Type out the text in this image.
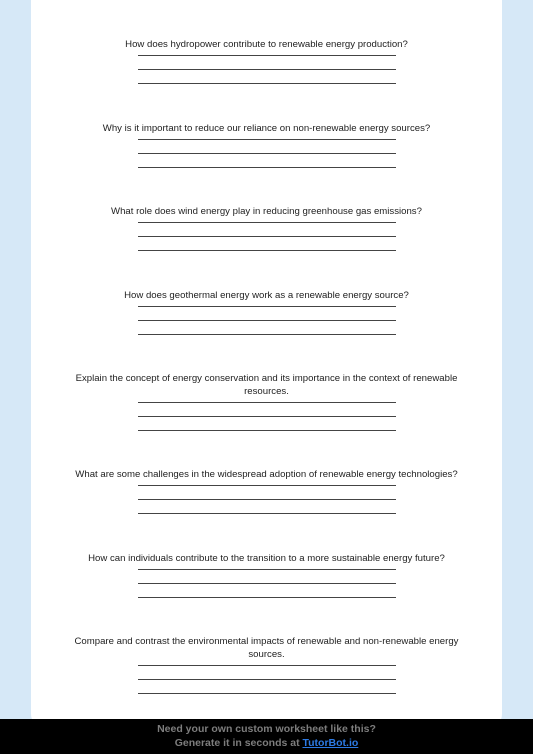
How does hydropower contribute to renewable energy production?

Why is it important to reduce our reliance on non-renewable energy sources?

What role does wind energy play in reducing greenhouse gas emissions?

How does geothermal energy work as a renewable energy source?

Explain the concept of energy conservation and its importance in the context of renewable resources.

What are some challenges in the widespread adoption of renewable energy technologies?

How can individuals contribute to the transition to a more sustainable energy future?

Compare and contrast the environmental impacts of renewable and non-renewable energy sources.

Need your own custom worksheet like this?
Generate it in seconds at TutorBot.io
